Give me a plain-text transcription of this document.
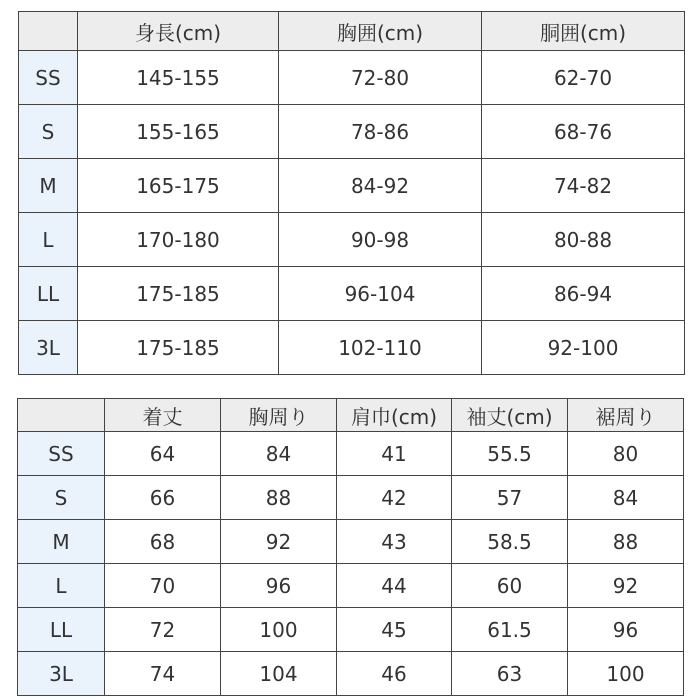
	身長(cm)	胸囲(cm)	胴囲(cm)
SS	145-155	72-80	62-70
S	155-165	78-86	68-76
M	165-175	84-92	74-82
L	170-180	90-98	80-88
LL	175-185	96-104	86-94
3L	175-185	102-110	92-100
	着丈	胸周り	肩巾(cm)	袖丈(cm)	裾周り
SS	64	84	41	55.5	80
S	66	88	42	57	84
M	68	92	43	58.5	88
L	70	96	44	60	92
LL	72	100	45	61.5	96
3L	74	104	46	63	100
